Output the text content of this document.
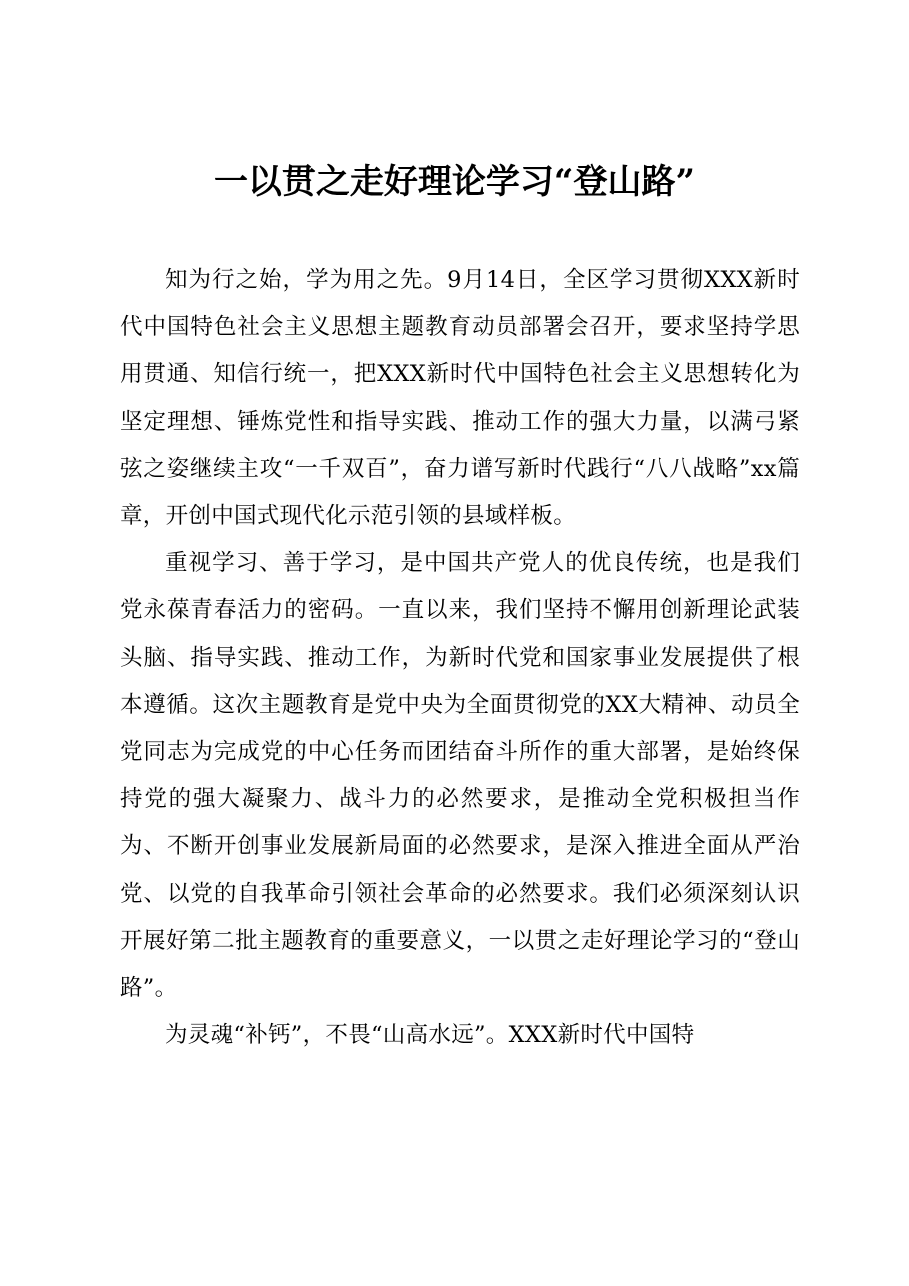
一以贯之走好理论学习“登山路”

知为行之始，学为用之先。9月14日，全区学习贯彻XXX新时代中国特色社会主义思想主题教育动员部署会召开，要求坚持学思用贯通、知信行统一，把XXX新时代中国特色社会主义思想转化为坚定理想、锤炼党性和指导实践、推动工作的强大力量，以满弓紧弦之姿继续主攻“一千双百”，奋力谱写新时代践行“八八战略”xx篇章，开创中国式现代化示范引领的县域样板。

重视学习、善于学习，是中国共产党人的优良传统，也是我们党永葆青春活力的密码。一直以来，我们坚持不懈用创新理论武装头脑、指导实践、推动工作，为新时代党和国家事业发展提供了根本遵循。这次主题教育是党中央为全面贯彻党的XX大精神、动员全党同志为完成党的中心任务而团结奋斗所作的重大部署，是始终保持党的强大凝聚力、战斗力的必然要求，是推动全党积极担当作为、不断开创事业发展新局面的必然要求，是深入推进全面从严治党、以党的自我革命引领社会革命的必然要求。我们必须深刻认识开展好第二批主题教育的重要意义，一以贯之走好理论学习的“登山路”。

为灵魂“补钙”，不畏“山高水远”。XXX新时代中国特
